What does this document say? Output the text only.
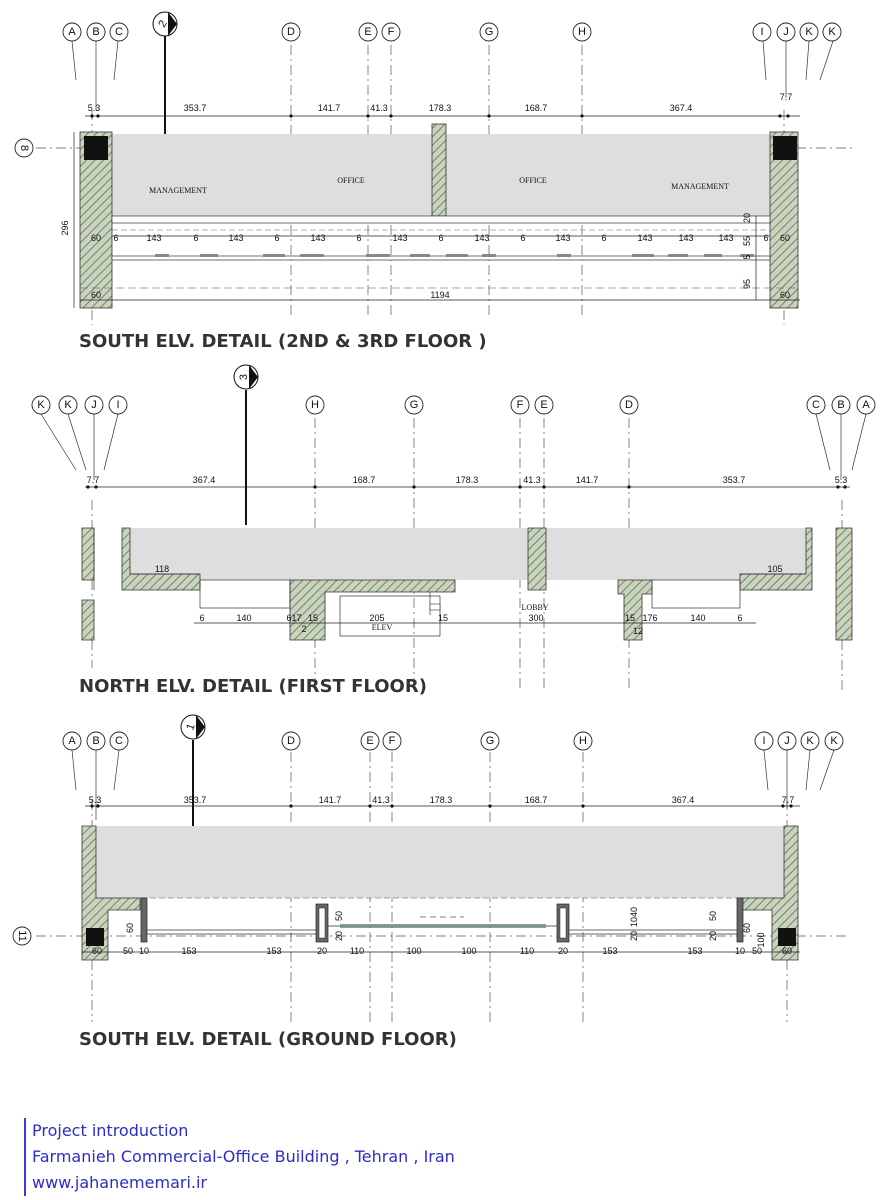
A B C	D	E F	G	H	I J K K
8
2
5.3	353.7	141.7	41.3	178.3	168.7	367.4
7.7
MANAGEMENT
OFFICE	OFFICE
MANAGEMENT
6	143	6	143	6	143	6	143	6	143	6	143	6	143	143	143	6
1194
60	60
60	60
296
20
55
5
95
SOUTH ELV. DETAIL (2ND & 3RD FLOOR )
K K J I	H	G	F E	D	C B A
3
7.7	367.4	168.7	178.3	41.3	141.7	353.7	5.3
ELEV
LOBBY
118	105
6	140	617 15
2
205	15	300	15 176
12
140	6
NORTH ELV. DETAIL (FIRST FLOOR)
A B C	D	E F	G	H	I J K K
11
1
5.3	353.7	141.7	41.3	178.3	168.7	367.4	7.7
60 50 10	153	153	20	110	100	100	110	20	153	153	10 50 60
60
50
20
40
10
50
20	20
60
100
SOUTH ELV. DETAIL (GROUND FLOOR)
Project introduction
Farmanieh Commercial-Office Building , Tehran , Iran
www.jahanememari.ir
